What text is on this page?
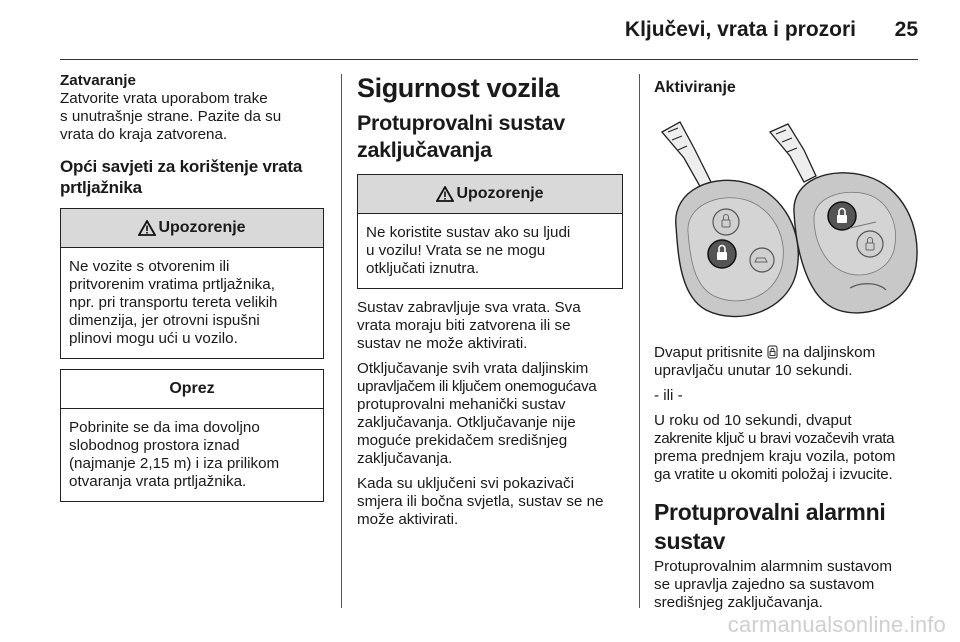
Ključevi, vrata i prozori 25
Zatvaranje

Zatvorite vrata uporabom trake

s unutrašnje strane. Pazite da su

vrata do kraja zatvorena.

Opći savjeti za korištenje vrata
prtljažnika
Upozorenje
Ne vozite s otvorenim ili
pritvorenim vratima prtljažnika,
npr. pri transportu tereta velikih
dimenzija, jer otrovni ispušni
plinovi mogu ući u vozilo.
Oprez
Pobrinite se da ima dovoljno
slobodnog prostora iznad
(najmanje 2,15 m) i iza prilikom
otvaranja vrata prtljažnika.
Sigurnost vozila
Protuprovalni sustav
zaključavanja
Upozorenje
Ne koristite sustav ako su ljudi
u vozilu! Vrata se ne mogu
otključati iznutra.

Sustav zabravljuje sva vrata. Sva

vrata moraju biti zatvorena ili se

sustav ne može aktivirati.

Otključavanje svih vrata daljinskim

upravljačem ili ključem onemogućava

protuprovalni mehanički sustav

zaključavanja. Otključavanje nije

moguće prekidačem središnjeg

zaključavanja.

Kada su uključeni svi pokazivači

smjera ili bočna svjetla, sustav se ne

može aktivirati.

Aktiviranje

Dvaput pritisnite na daljinskom

upravljaču unutar 10 sekundi.

- ili -

U roku od 10 sekundi, dvaput

zakrenite ključ u bravi vozačevih vrata

prema prednjem kraju vozila, potom

ga vratite u okomiti položaj i izvucite.

Protuprovalni alarmni
sustav

Protuprovalnim alarmnim sustavom

se upravlja zajedno sa sustavom

središnjeg zaključavanja.

carmanualsonline.info
